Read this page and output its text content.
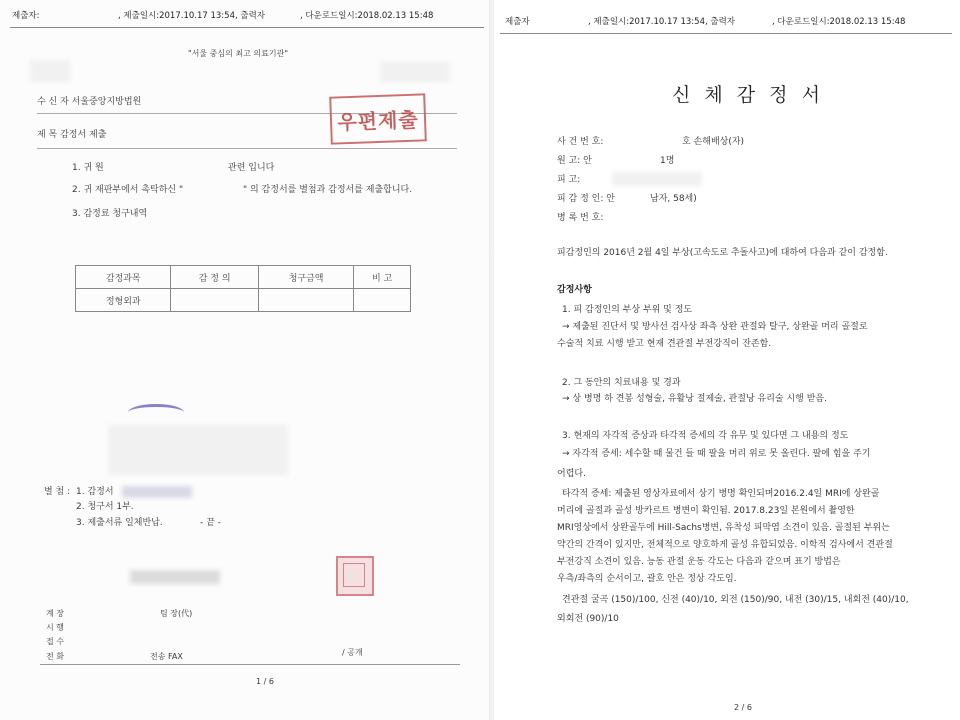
제출자:	, 제출일시:2017.10.17 13:54, 출력자	, 다운로드일시:2018.02.13 15:48
"서울 중심의 최고 의료기관"
수 신 자 서울중앙지방법원
제 목 감정서 제출
우편제출
1. 귀 원	관련 입니다
2. 귀 재판부에서 촉탁하신 "	" 의 감정서를 별첨과 감정서를 제출합니다.
3. 감정료 청구내역
감정과목	감 정 의	청구금액	비 고
정형외과			
별 첨 : 1. 감정서
2. 청구서 1부.
3. 제출서류 일체반납.	- 끝 -
계 장	팀 장(代)
시 행
접 수
전 화	전송 FAX	/ 공개
1 / 6
제출자	, 제출일시:2017.10.17 13:54, 출력자	, 다운로드일시:2018.02.13 15:48
신 체 감 정 서
사 건 번 호:	호 손해배상(자)
원 고: 안	1명
피 고:
피 감 정 인: 안	남자, 58세)
병 록 번 호:
피감정인의 2016년 2월 4일 부상(고속도로 추돌사고)에 대하여 다음과 같이 감정함.
감정사항
1. 피 감정인의 부상 부위 및 정도
→ 제출된 진단서 및 방사선 검사상 좌측 상완 관절와 탈구, 상완골 머리 골절로
수술적 치료 시행 받고 현재 견관절 부전강직이 잔존함.
2. 그 동안의 치료내용 및 경과
→ 상 병명 하 견봉 성형술, 유활낭 절제술, 관절낭 유리술 시행 받음.
3. 현재의 자각적 증상과 타각적 증세의 각 유무 및 있다면 그 내용의 정도
→ 자각적 증세: 세수할 때 물건 들 때 팔을 머리 위로 못 올린다. 팔에 힘을 주기
어렵다.
타각적 증세: 제출된 영상자료에서 상기 병명 확인되며2016.2.4일 MRI에 상완골
머리에 골절과 골성 방카르트 병변이 확인됨. 2017.8.23일 본원에서 촬영한
MRI영상에서 상완골두에 Hill-Sachs병변, 유착성 피막염 소견이 있음. 골절된 부위는
약간의 간격이 있지만, 전체적으로 양호하게 골성 유합되었음. 이학적 검사에서 견관절
부전강직 소견이 있음. 능동 관절 운동 각도는 다음과 같으며 표기 방법은
우측/좌측의 순서이고, 괄호 안은 정상 각도임.
견관절 굴곡 (150)/100, 신전 (40)/10, 외전 (150)/90, 내전 (30)/15, 내회전 (40)/10,
외회전 (90)/10
2 / 6
